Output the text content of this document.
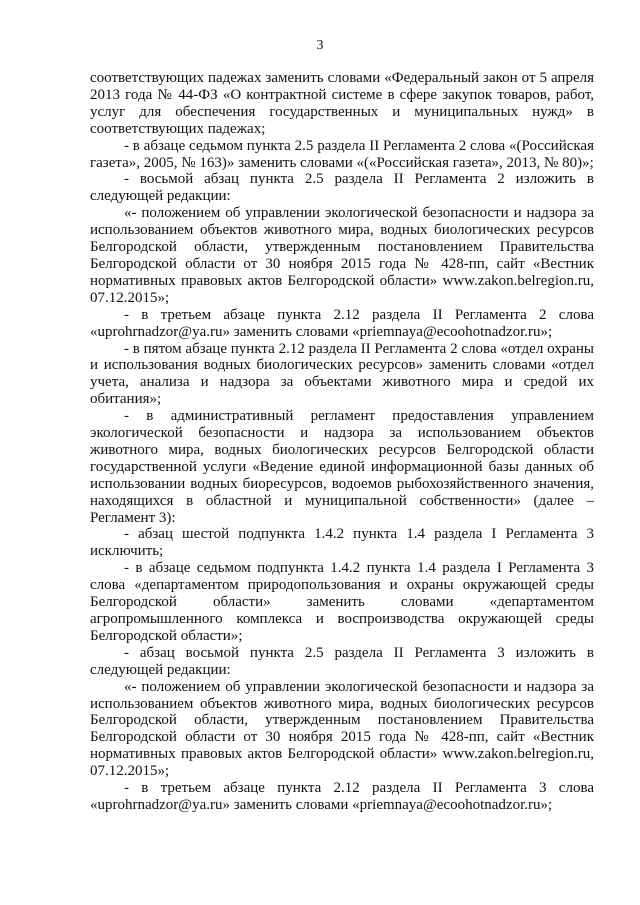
3

соответствующих падежах заменить словами «Федеральный закон от 5 апреля 2013 года № 44-ФЗ «О контрактной системе в сфере закупок товаров, работ, услуг для обеспечения государственных и муниципальных нужд» в соответствующих падежах;

- в абзаце седьмом пункта 2.5 раздела II Регламента 2 слова «(Российская газета», 2005, № 163)» заменить словами «(«Российская газета», 2013, № 80)»;

- восьмой абзац пункта 2.5 раздела II Регламента 2 изложить в следующей редакции:

«- положением об управлении экологической безопасности и надзора за использованием объектов животного мира, водных биологических ресурсов Белгородской области, утвержденным постановлением Правительства Белгородской области от 30 ноября 2015 года № 428-пп, сайт «Вестник нормативных правовых актов Белгородской области» www.zakon.belregion.ru, 07.12.2015»;

- в третьем абзаце пункта 2.12 раздела II Регламента 2 слова «uprohrnadzor@ya.ru» заменить словами «priemnaya@ecoohotnadzor.ru»;

- в пятом абзаце пункта 2.12 раздела II Регламента 2 слова «отдел охраны и использования водных биологических ресурсов» заменить словами «отдел учета, анализа и надзора за объектами животного мира и средой их обитания»;

- в административный регламент предоставления управлением экологической безопасности и надзора за использованием объектов животного мира, водных биологических ресурсов Белгородской области государственной услуги «Ведение единой информационной базы данных об использовании водных биоресурсов, водоемов рыбохозяйственного значения, находящихся в областной и муниципальной собственности» (далее – Регламент 3):

- абзац шестой подпункта 1.4.2 пункта 1.4 раздела I Регламента 3 исключить;

- в абзаце седьмом подпункта 1.4.2 пункта 1.4 раздела I Регламента 3 слова «департаментом природопользования и охраны окружающей среды Белгородской области» заменить словами «департаментом агропромышленного комплекса и воспроизводства окружающей среды Белгородской области»;

- абзац восьмой пункта 2.5 раздела II Регламента 3 изложить в следующей редакции:

«- положением об управлении экологической безопасности и надзора за использованием объектов животного мира, водных биологических ресурсов Белгородской области, утвержденным постановлением Правительства Белгородской области от 30 ноября 2015 года № 428-пп, сайт «Вестник нормативных правовых актов Белгородской области» www.zakon.belregion.ru, 07.12.2015»;

- в третьем абзаце пункта 2.12 раздела II Регламента 3 слова «uprohrnadzor@ya.ru» заменить словами «priemnaya@ecoohotnadzor.ru»;
